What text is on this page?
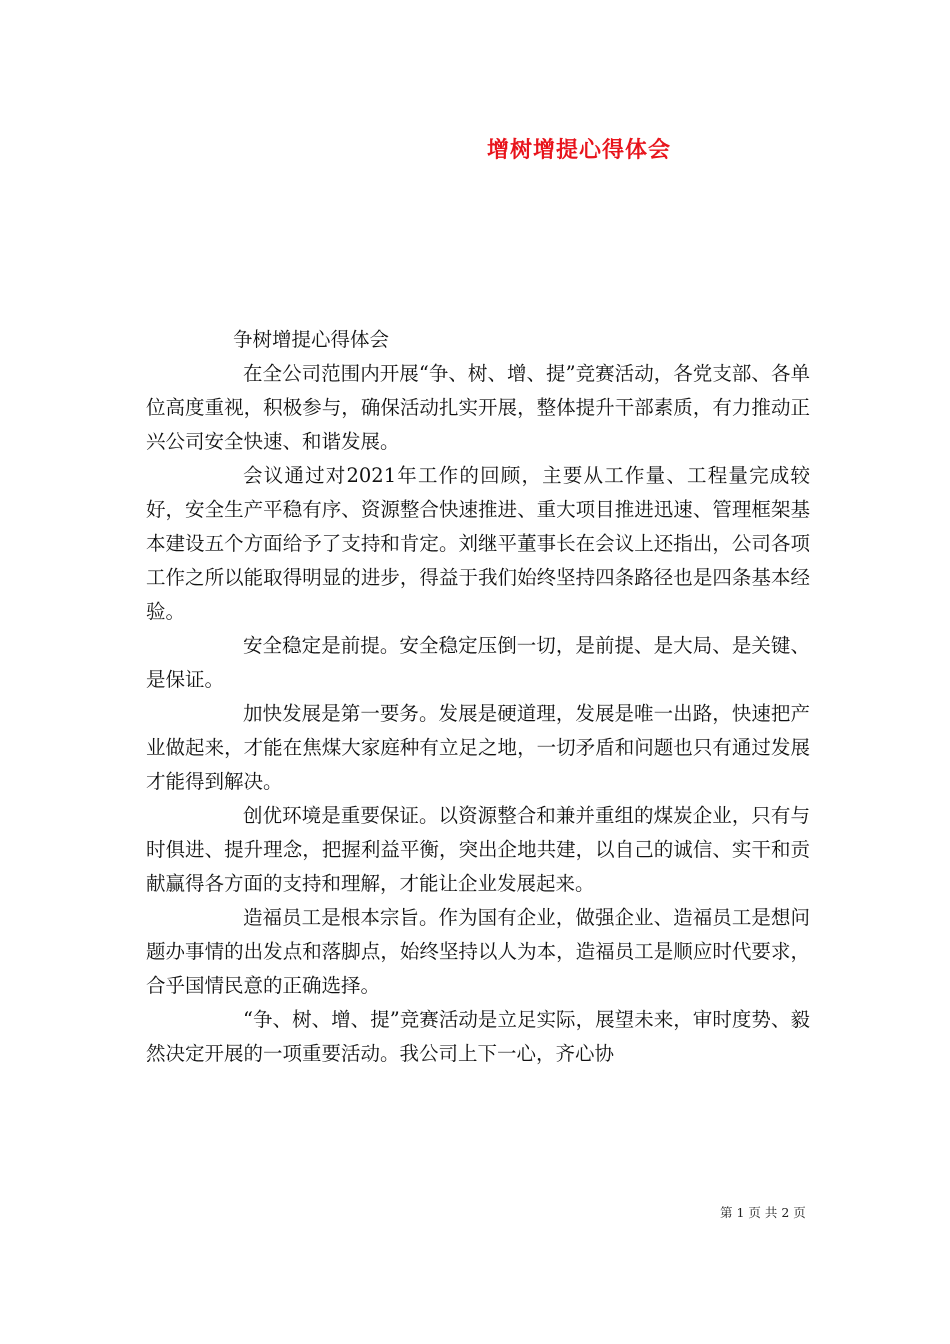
增树增提心得体会

争树增提心得体会

在全公司范围内开展“争、树、增、提”竞赛活动，各党支部、各单位高度重视，积极参与，确保活动扎实开展，整体提升干部素质，有力推动正兴公司安全快速、和谐发展。

会议通过对2021年工作的回顾，主要从工作量、工程量完成较好，安全生产平稳有序、资源整合快速推进、重大项目推进迅速、管理框架基本建设五个方面给予了支持和肯定。刘继平董事长在会议上还指出，公司各项工作之所以能取得明显的进步，得益于我们始终坚持四条路径也是四条基本经验。

安全稳定是前提。安全稳定压倒一切，是前提、是大局、是关键、是保证。

加快发展是第一要务。发展是硬道理，发展是唯一出路，快速把产业做起来，才能在焦煤大家庭种有立足之地，一切矛盾和问题也只有通过发展才能得到解决。

创优环境是重要保证。以资源整合和兼并重组的煤炭企业，只有与时俱进、提升理念，把握利益平衡，突出企地共建，以自己的诚信、实干和贡献赢得各方面的支持和理解，才能让企业发展起来。

造福员工是根本宗旨。作为国有企业，做强企业、造福员工是想问题办事情的出发点和落脚点，始终坚持以人为本，造福员工是顺应时代要求，合乎国情民意的正确选择。

“争、树、增、提”竞赛活动是立足实际，展望未来，审时度势、毅然决定开展的一项重要活动。我公司上下一心，齐心协

第 1 页 共 2 页
